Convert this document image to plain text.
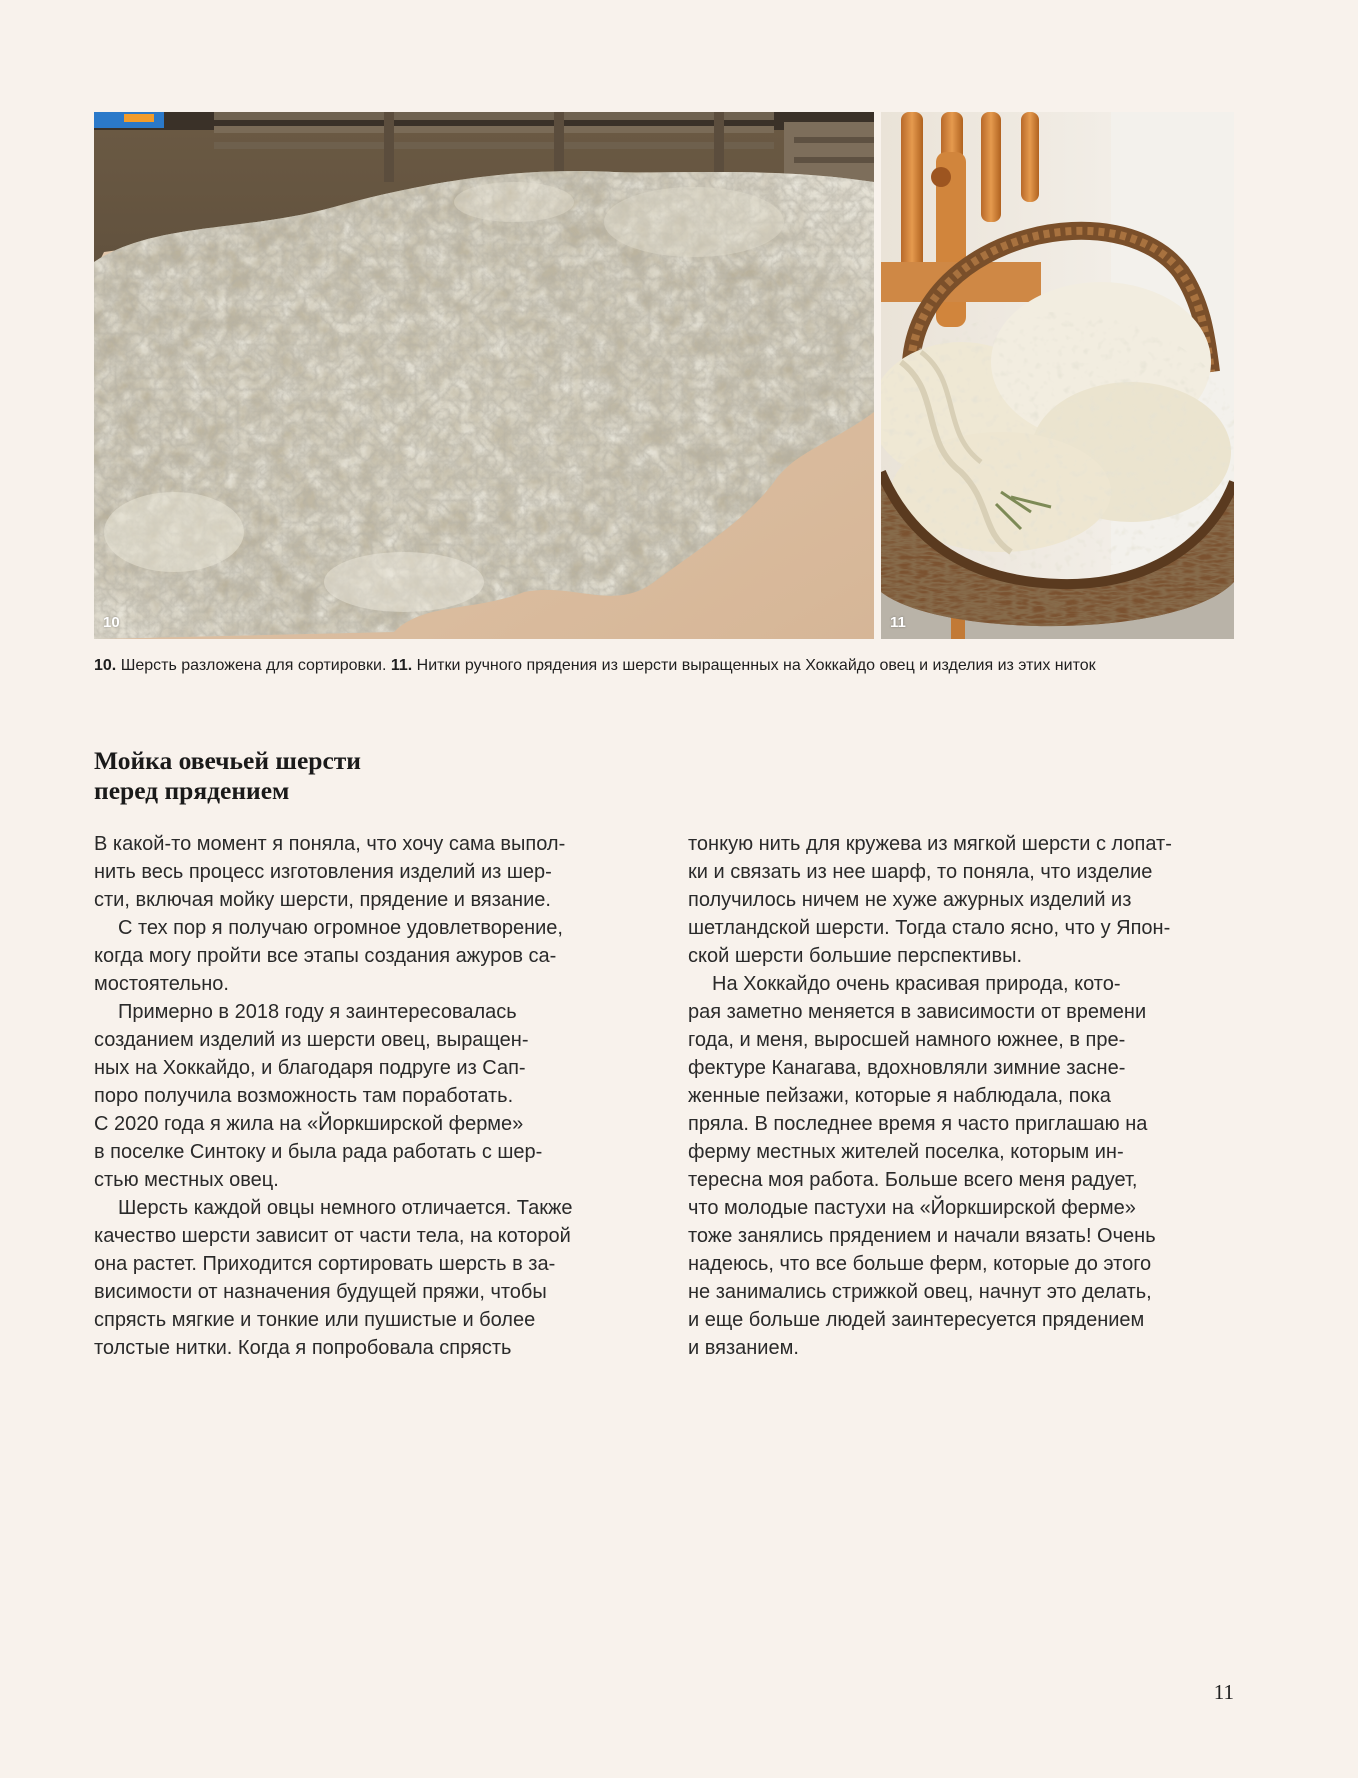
10	11
10. Шерсть разложена для сортировки. 11. Нитки ручного прядения из шерсти выращенных на Хоккайдо овец и изделия из этих ниток
Мойка овечьей шерсти
перед прядением
В какой-то момент я поняла, что хочу сама выпол-
нить весь процесс изготовления изделий из шер-
сти, включая мойку шерсти, прядение и вязание.
С тех пор я получаю огромное удовлетворение,
когда могу пройти все этапы создания ажуров са-
мостоятельно.
Примерно в 2018 году я заинтересовалась
созданием изделий из шерсти овец, выращен-
ных на Хоккайдо, и благодаря подруге из Сап-
поро получила возможность там поработать.
С 2020 года я жила на «Йоркширской ферме»
в поселке Синтоку и была рада работать с шер-
стью местных овец.
Шерсть каждой овцы немного отличается. Также
качество шерсти зависит от части тела, на которой
она растет. Приходится сортировать шерсть в за-
висимости от назначения будущей пряжи, чтобы
спрясть мягкие и тонкие или пушистые и более
толстые нитки. Когда я попробовала спрясть
тонкую нить для кружева из мягкой шерсти с лопат-
ки и связать из нее шарф, то поняла, что изделие
получилось ничем не хуже ажурных изделий из
шетландской шерсти. Тогда стало ясно, что у Япон-
ской шерсти большие перспективы.
На Хоккайдо очень красивая природа, кото-
рая заметно меняется в зависимости от времени
года, и меня, выросшей намного южнее, в пре-
фектуре Канагава, вдохновляли зимние засне-
женные пейзажи, которые я наблюдала, пока
пряла. В последнее время я часто приглашаю на
ферму местных жителей поселка, которым ин-
тересна моя работа. Больше всего меня радует,
что молодые пастухи на «Йоркширской ферме»
тоже занялись прядением и начали вязать! Очень
надеюсь, что все больше ферм, которые до этого
не занимались стрижкой овец, начнут это делать,
и еще больше людей заинтересуется прядением
и вязанием.
11
